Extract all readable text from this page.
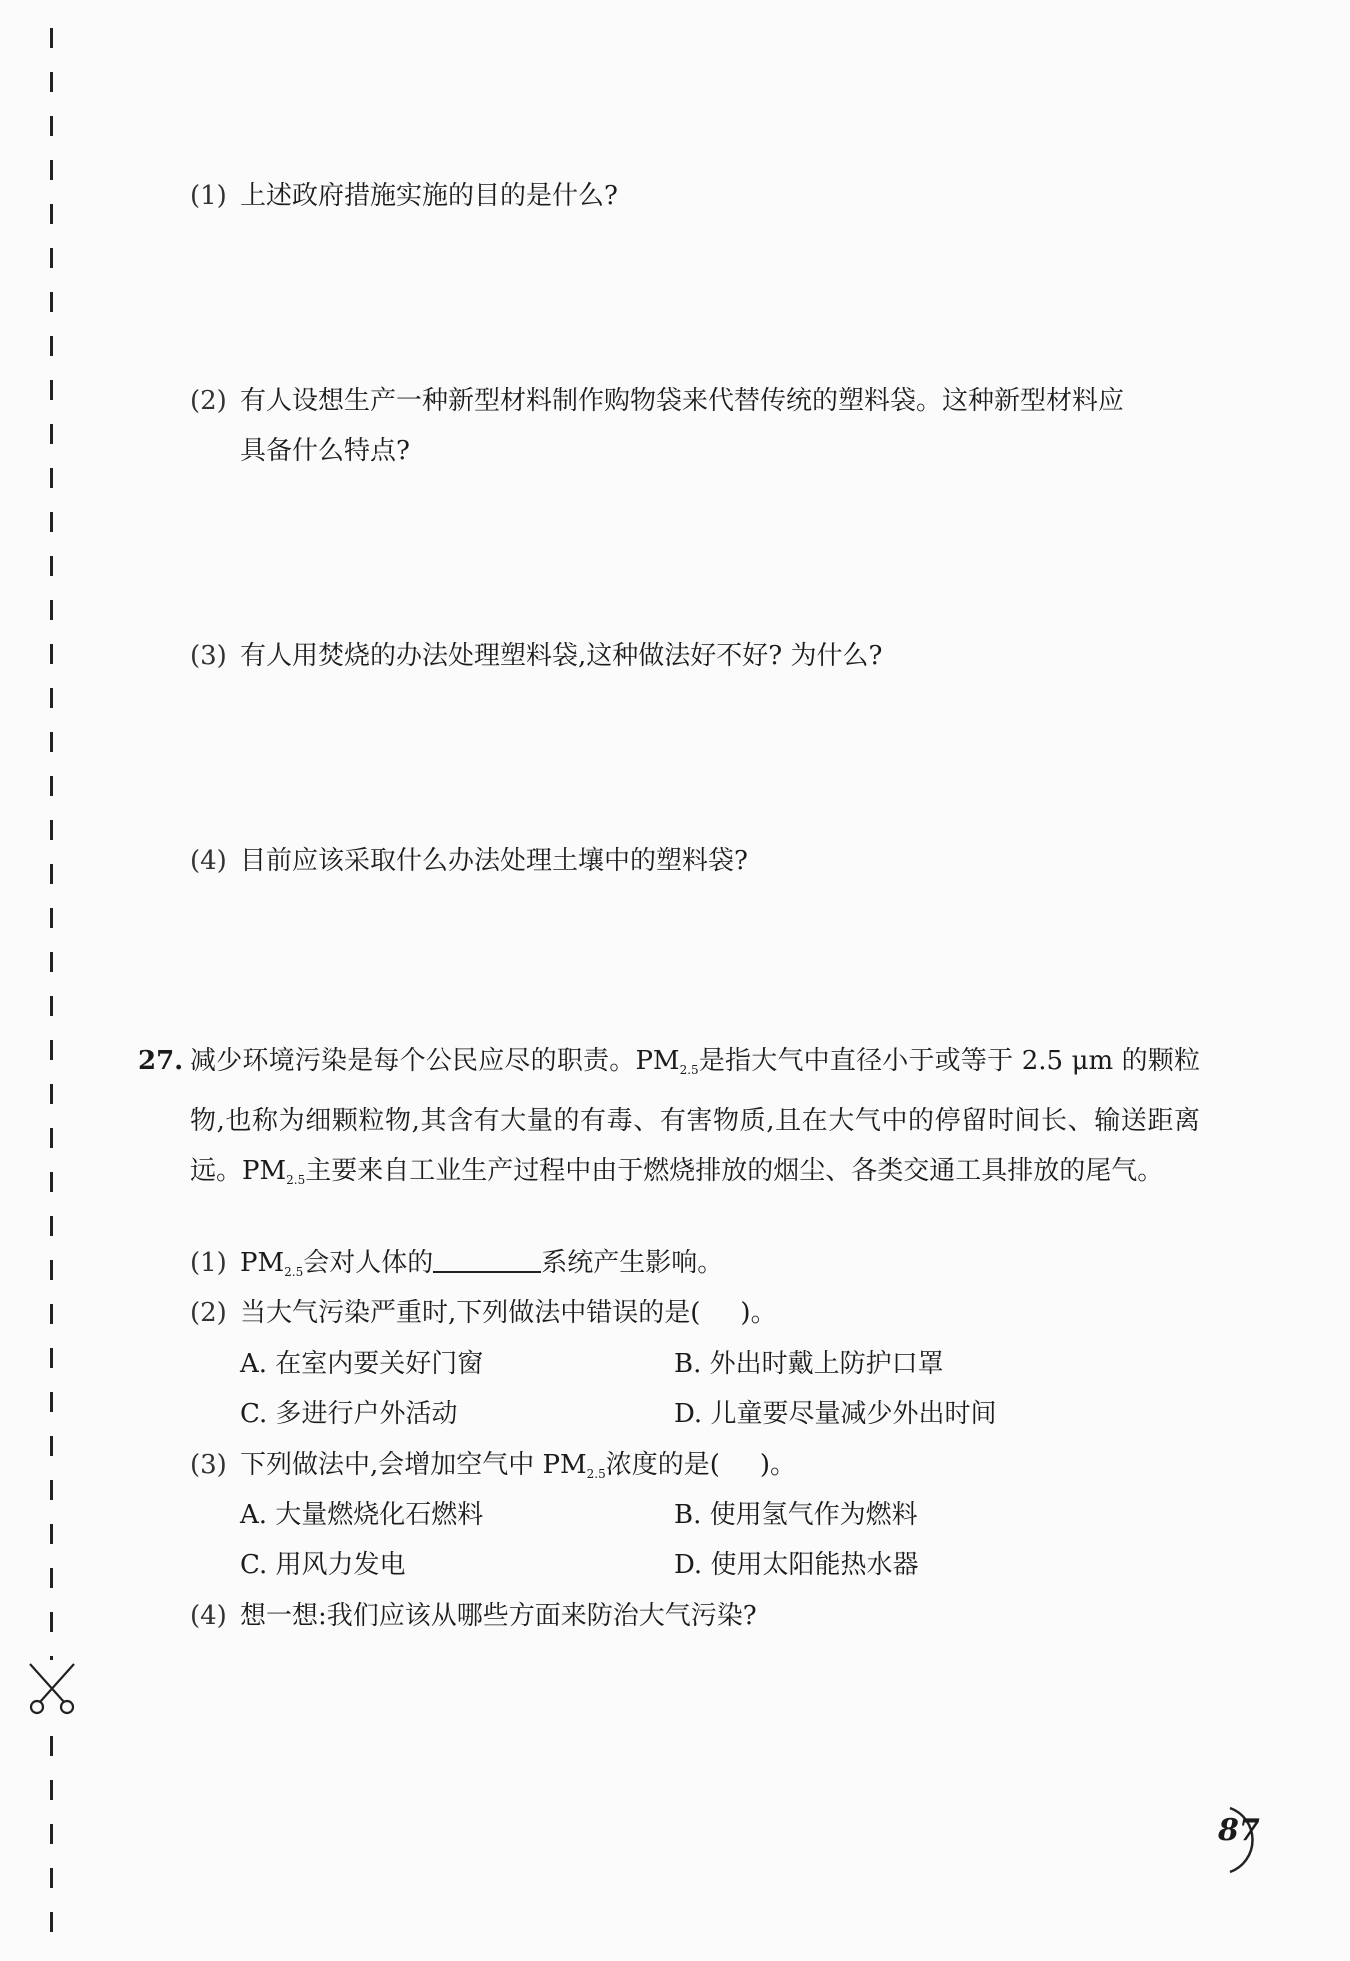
(1) 上述政府措施实施的目的是什么?
(2) 有人设想生产一种新型材料制作购物袋来代替传统的塑料袋。这种新型材料应
具备什么特点?
(3) 有人用焚烧的办法处理塑料袋,这种做法好不好? 为什么?
(4) 目前应该采取什么办法处理土壤中的塑料袋?
27. 减少环境污染是每个公民应尽的职责。$PM_{2.5}$是指大气中直径小于或等于 2.5 μm 的颗粒物,也称为细颗粒物,其含有大量的有毒、有害物质,且在大气中的停留时间长、输送距离远。$PM_{2.5}$主要来自工业生产过程中由于燃烧排放的烟尘、各类交通工具排放的尾气。
(1) $PM_{2.5}$会对人体的	系统产生影响。
(2) 当大气污染严重时,下列做法中错误的是( )。
A. 在室内要关好门窗	B. 外出时戴上防护口罩
C. 多进行户外活动	D. 儿童要尽量减少外出时间
(3) 下列做法中,会增加空气中 $PM_{2.5}$浓度的是( )。
A. 大量燃烧化石燃料	B. 使用氢气作为燃料
C. 用风力发电	D. 使用太阳能热水器
(4) 想一想:我们应该从哪些方面来防治大气污染?
87
